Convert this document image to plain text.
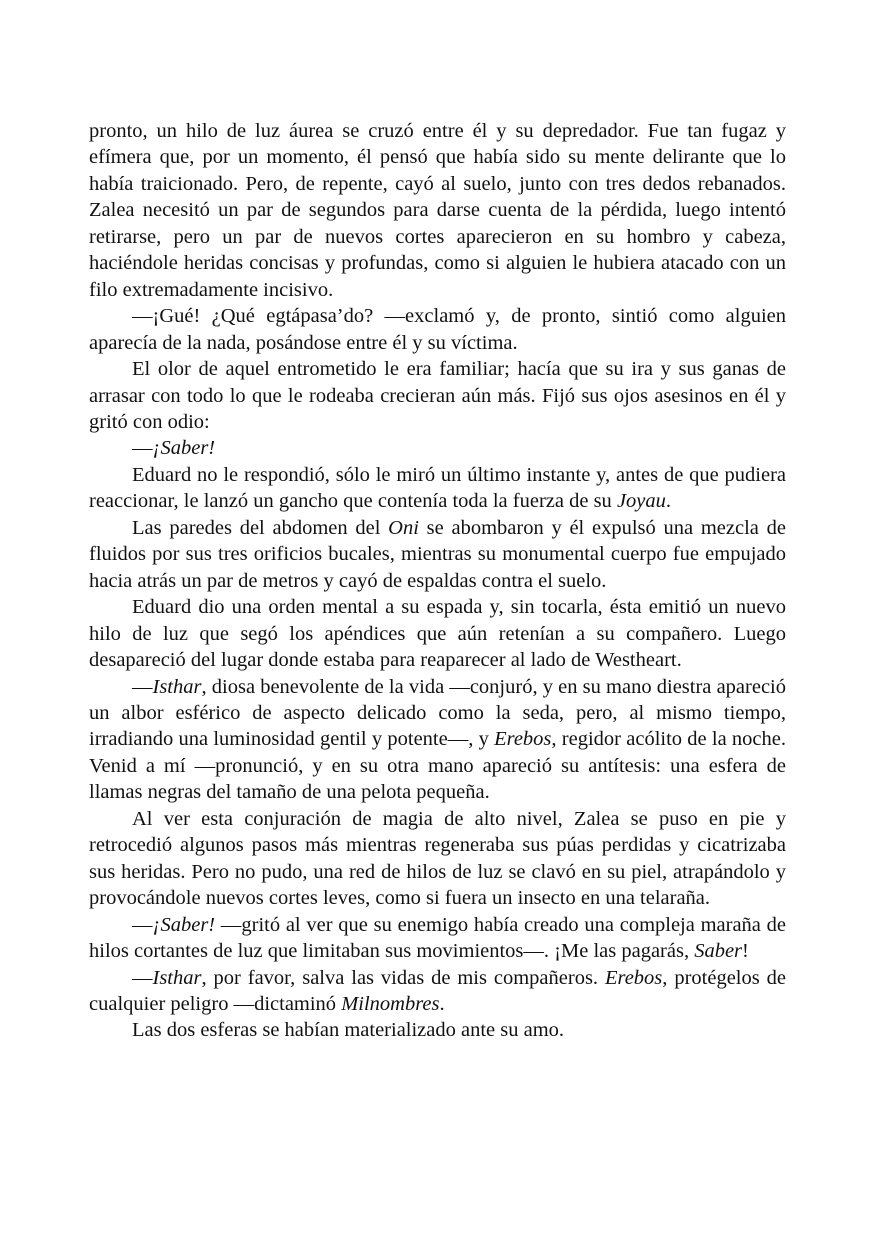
pronto, un hilo de luz áurea se cruzó entre él y su depredador. Fue tan fugaz y efímera que, por un momento, él pensó que había sido su mente delirante que lo había traicionado. Pero, de repente, cayó al suelo, junto con tres dedos rebanados. Zalea necesitó un par de segundos para darse cuenta de la pérdida, luego intentó retirarse, pero un par de nuevos cortes aparecieron en su hombro y cabeza, haciéndole heridas concisas y profundas, como si alguien le hubiera atacado con un filo extremadamente incisivo.

—¡Gué! ¿Qué egtápasa’do? —exclamó y, de pronto, sintió como alguien aparecía de la nada, posándose entre él y su víctima.

El olor de aquel entrometido le era familiar; hacía que su ira y sus ganas de arrasar con todo lo que le rodeaba crecieran aún más. Fijó sus ojos asesinos en él y gritó con odio:

—¡Saber!

Eduard no le respondió, sólo le miró un último instante y, antes de que pudiera reaccionar, le lanzó un gancho que contenía toda la fuerza de su Joyau.

Las paredes del abdomen del Oni se abombaron y él expulsó una mezcla de fluidos por sus tres orificios bucales, mientras su monumental cuerpo fue empujado hacia atrás un par de metros y cayó de espaldas contra el suelo.

Eduard dio una orden mental a su espada y, sin tocarla, ésta emitió un nuevo hilo de luz que segó los apéndices que aún retenían a su compañero. Luego desapareció del lugar donde estaba para reaparecer al lado de Westheart.

—Isthar, diosa benevolente de la vida —conjuró, y en su mano diestra apareció un albor esférico de aspecto delicado como la seda, pero, al mismo tiempo, irradiando una luminosidad gentil y potente—, y Erebos, regidor acólito de la noche. Venid a mí —pronunció, y en su otra mano apareció su antítesis: una esfera de llamas negras del tamaño de una pelota pequeña.

Al ver esta conjuración de magia de alto nivel, Zalea se puso en pie y retrocedió algunos pasos más mientras regeneraba sus púas perdidas y cicatrizaba sus heridas. Pero no pudo, una red de hilos de luz se clavó en su piel, atrapándolo y provocándole nuevos cortes leves, como si fuera un insecto en una telaraña.

—¡Saber! —gritó al ver que su enemigo había creado una compleja maraña de hilos cortantes de luz que limitaban sus movimientos—. ¡Me las pagarás, Saber!

—Isthar, por favor, salva las vidas de mis compañeros. Erebos, protégelos de cualquier peligro —dictaminó Milnombres.

Las dos esferas se habían materializado ante su amo.
